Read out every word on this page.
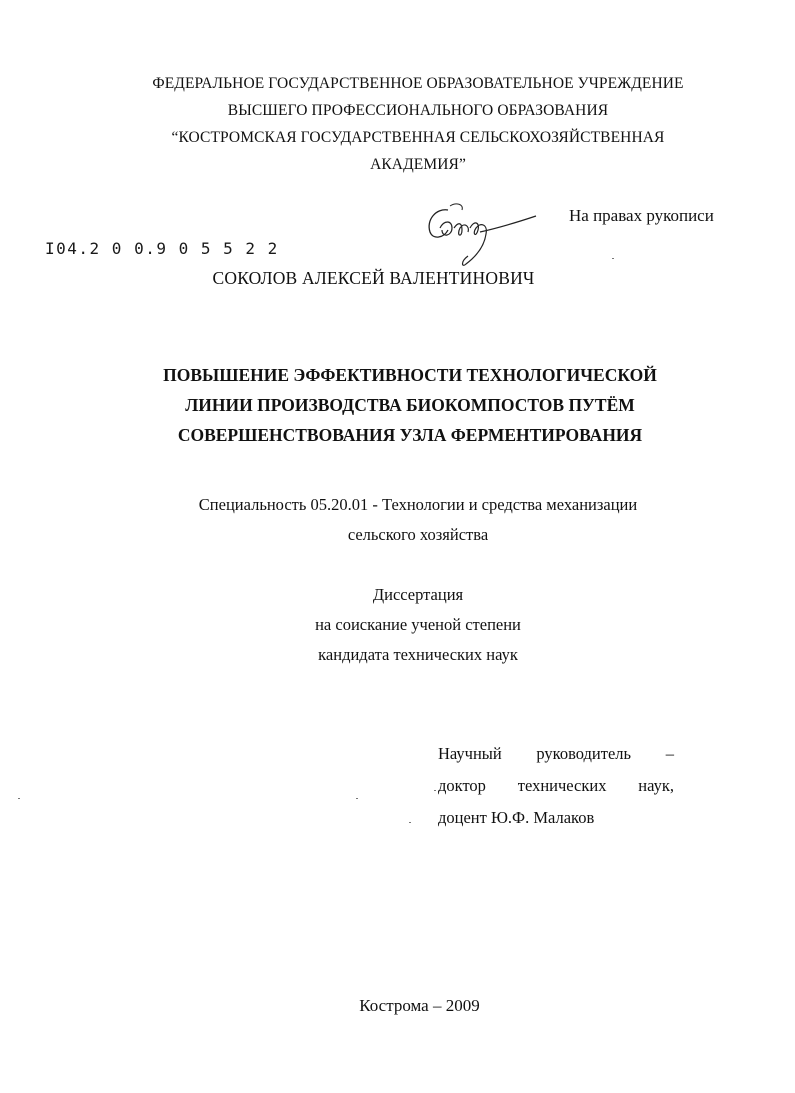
ФЕДЕРАЛЬНОЕ ГОСУДАРСТВЕННОЕ ОБРАЗОВАТЕЛЬНОЕ УЧРЕЖДЕНИЕ
ВЫСШЕГО ПРОФЕССИОНАЛЬНОГО ОБРАЗОВАНИЯ
“КОСТРОМСКАЯ ГОСУДАРСТВЕННАЯ СЕЛЬСКОХОЗЯЙСТВЕННАЯ
АКАДЕМИЯ”
На правах рукописи
I04.2 0 0.9 0 5 5 2 2
СОКОЛОВ АЛЕКСЕЙ ВАЛЕНТИНОВИЧ
ПОВЫШЕНИЕ ЭФФЕКТИВНОСТИ ТЕХНОЛОГИЧЕСКОЙ
ЛИНИИ ПРОИЗВОДСТВА БИОКОМПОСТОВ ПУТЁМ
СОВЕРШЕНСТВОВАНИЯ УЗЛА ФЕРМЕНТИРОВАНИЯ
Специальность 05.20.01 - Технологии и средства механизации
сельского хозяйства
Диссертация
на соискание ученой степени
кандидата технических наук
Научный руководитель –
доктор технических наук,
доцент Ю.Ф. Малаков
Кострома – 2009
